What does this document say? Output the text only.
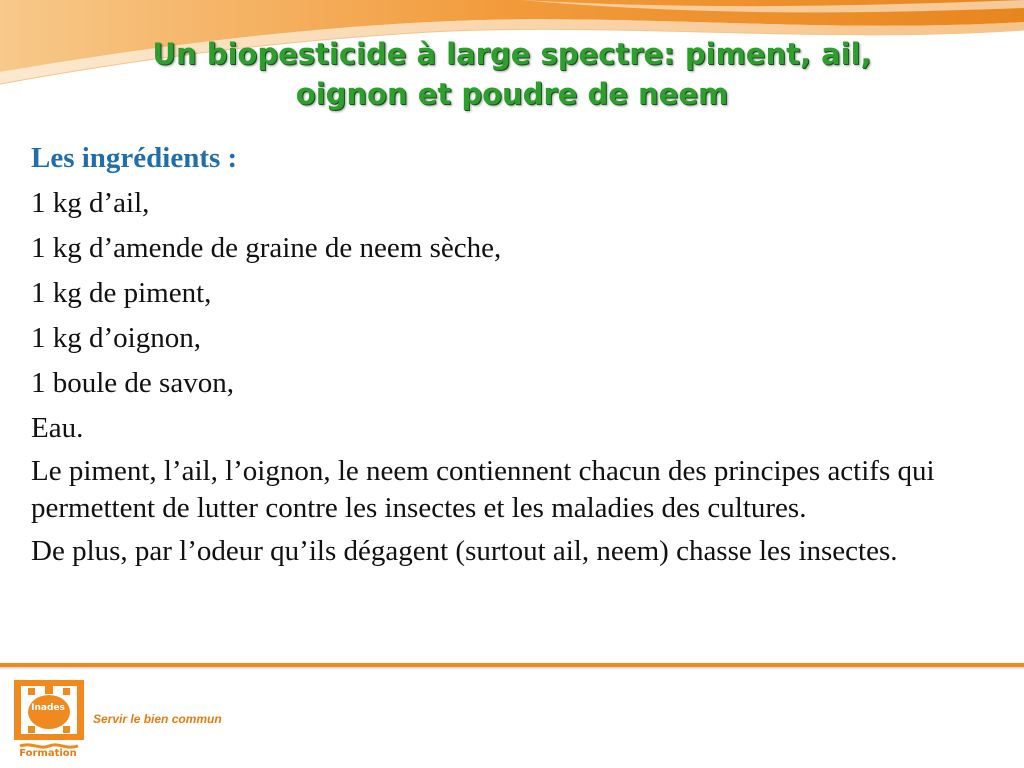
Un biopesticide à large spectre: piment, ail,
oignon et poudre de neem

Les ingrédients :

1 kg d’ail,

1 kg d’amende de graine de neem sèche,

1 kg de piment,

1 kg d’oignon,

1 boule de savon,

Eau.

Le piment, l’ail, l’oignon, le neem contiennent chacun des principes actifs qui permettent de lutter contre les insectes et les maladies des cultures.

De plus, par l’odeur qu’ils dégagent (surtout ail, neem) chasse les insectes.

Inades
Formation
Servir le bien commun
